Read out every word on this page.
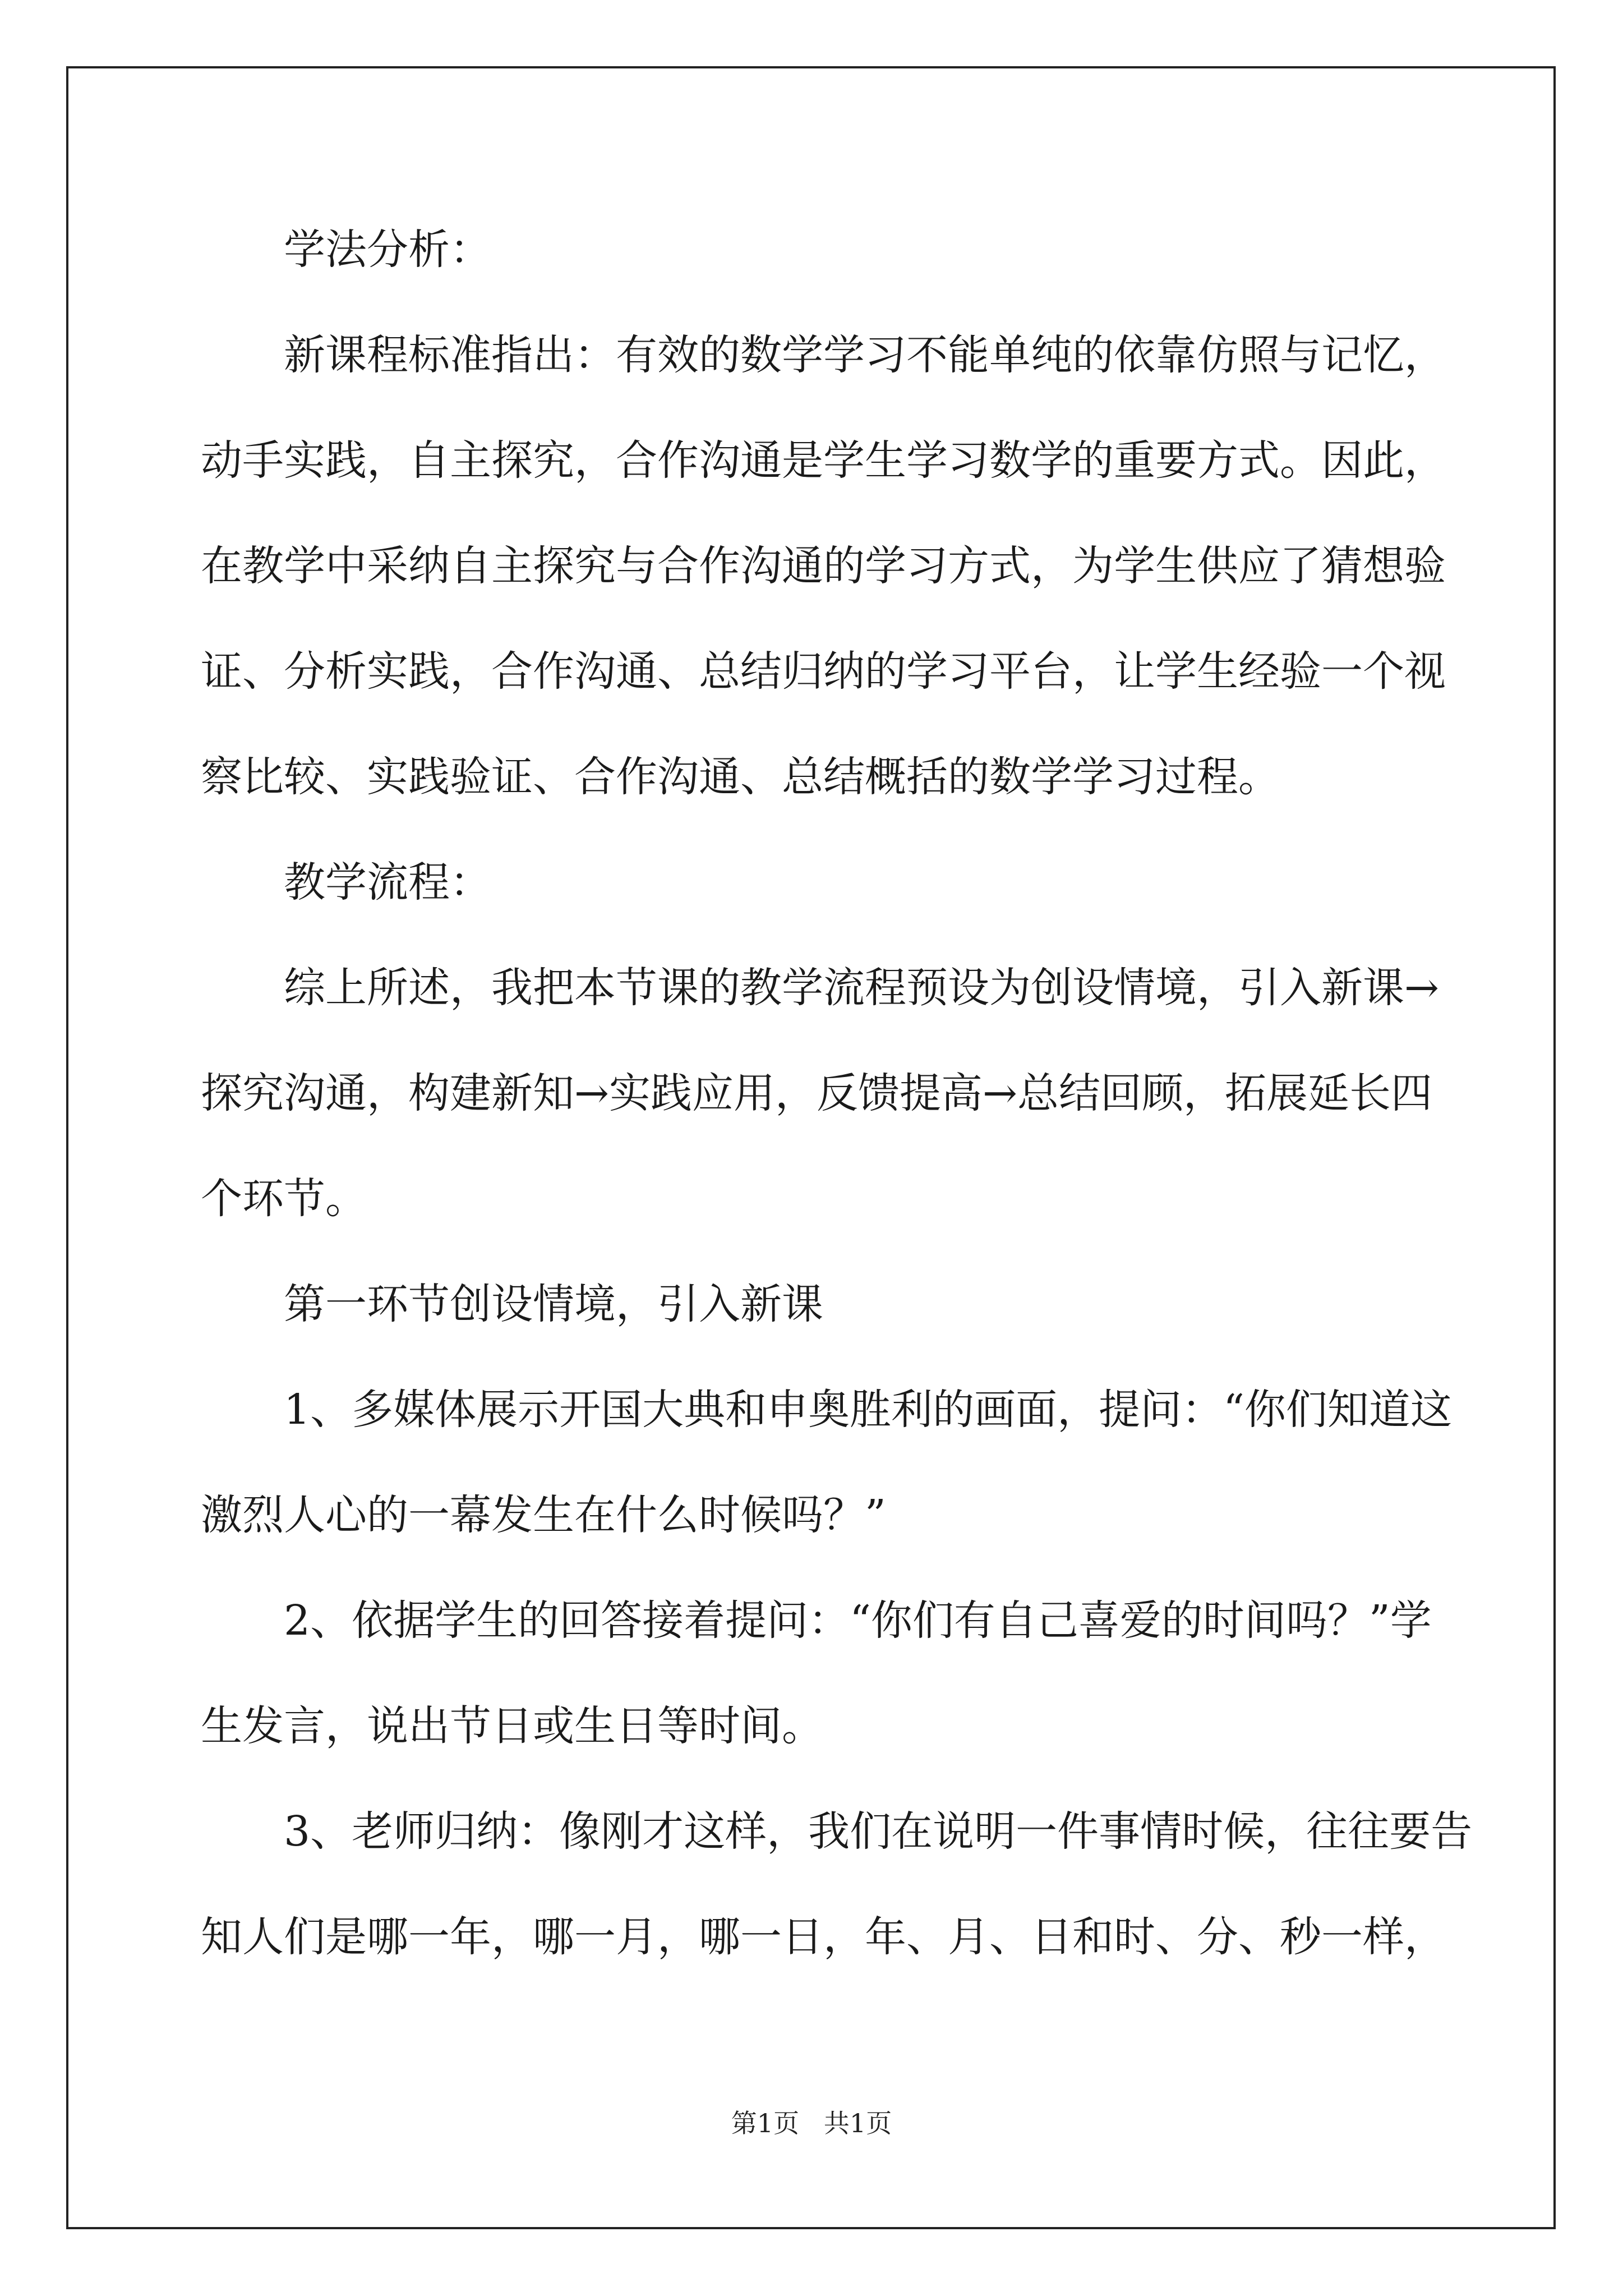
学法分析：
新课程标准指出：有效的数学学习不能单纯的依靠仿照与记忆，
动手实践，自主探究，合作沟通是学生学习数学的重要方式。因此，
在教学中采纳自主探究与合作沟通的学习方式，为学生供应了猜想验
证、分析实践，合作沟通、总结归纳的学习平台，让学生经验一个视
察比较、实践验证、合作沟通、总结概括的数学学习过程。
教学流程：
综上所述，我把本节课的教学流程预设为创设情境，引入新课→
探究沟通，构建新知→实践应用，反馈提高→总结回顾，拓展延长四
个环节。
第一环节创设情境，引入新课
1、多媒体展示开国大典和申奥胜利的画面，提问：“你们知道这
激烈人心的一幕发生在什么时候吗？”
2、依据学生的回答接着提问：“你们有自己喜爱的时间吗？”学
生发言，说出节日或生日等时间。
3、老师归纳：像刚才这样，我们在说明一件事情时候，往往要告
知人们是哪一年，哪一月，哪一日，年、月、日和时、分、秒一样，
第1页   共1页
